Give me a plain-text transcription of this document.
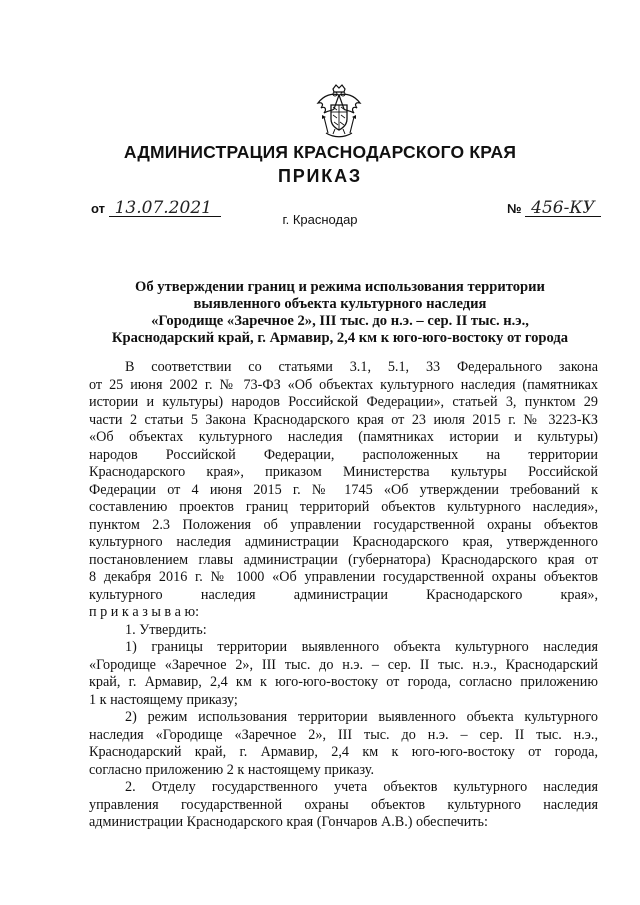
АДМИНИСТРАЦИЯ КРАСНОДАРСКОГО КРАЯ
ПРИКАЗ
от 13.07.2021	№ 456-КУ
г. Краснодар
Об утверждении границ и режима использования территории
выявленного объекта культурного наследия
«Городище «Заречное 2», III тыс. до н.э. – сер. II тыс. н.э.,
Краснодарский край, г. Армавир, 2,4 км к юго-юго-востоку от города
В соответствии со статьями 3.1, 5.1, 33 Федерального закона
от 25 июня 2002 г. № 73-ФЗ «Об объектах культурного наследия (памятниках
истории и культуры) народов Российской Федерации», статьей 3, пунктом 29
части 2 статьи 5 Закона Краснодарского края от 23 июля 2015 г. № 3223-КЗ
«Об объектах культурного наследия (памятниках истории и культуры)
народов Российской Федерации, расположенных на территории
Краснодарского края», приказом Министерства культуры Российской
Федерации от 4 июня 2015 г. № 1745 «Об утверждении требований к
составлению проектов границ территорий объектов культурного наследия»,
пунктом 2.3 Положения об управлении государственной охраны объектов
культурного наследия администрации Краснодарского края, утвержденного
постановлением главы администрации (губернатора) Краснодарского края от
8 декабря 2016 г. № 1000 «Об управлении государственной охраны объектов
культурного наследия администрации Краснодарского края»,
п р и к а з ы в а ю:
1. Утвердить:
1) границы территории выявленного объекта культурного наследия
«Городище «Заречное 2», III тыс. до н.э. – сер. II тыс. н.э., Краснодарский
край, г. Армавир, 2,4 км к юго-юго-востоку от города, согласно приложению
1 к настоящему приказу;
2) режим использования территории выявленного объекта культурного
наследия «Городище «Заречное 2», III тыс. до н.э. – сер. II тыс. н.э.,
Краснодарский край, г. Армавир, 2,4 км к юго-юго-востоку от города,
согласно приложению 2 к настоящему приказу.
2. Отделу государственного учета объектов культурного наследия
управления государственной охраны объектов культурного наследия
администрации Краснодарского края (Гончаров А.В.) обеспечить:
